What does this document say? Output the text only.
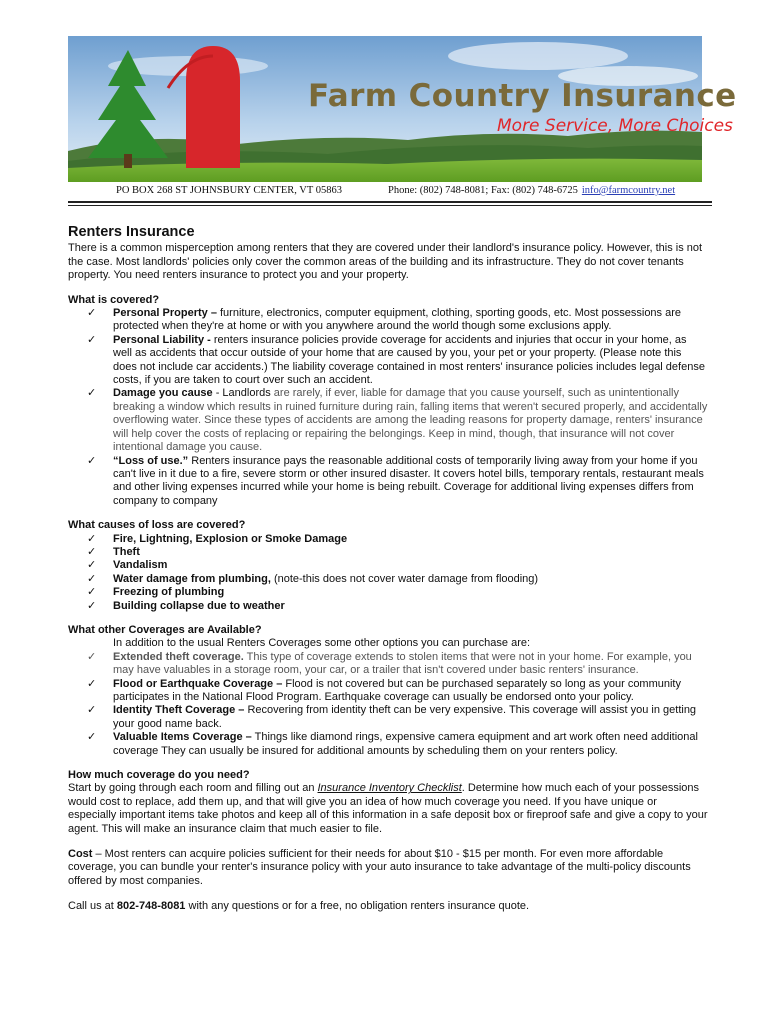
Farm Country Insurance
More Service, More Choices
PO BOX 268 ST JOHNSBURY CENTER, VT 05863	Phone: (802) 748-8081; Fax: (802) 748-6725 info@farmcountry.net
Renters Insurance

There is a common misperception among renters that they are covered under their landlord's insurance policy. However, this is not the case. Most landlords' policies only cover the common areas of the building and its infrastructure. They do not cover tenants property. You need renters insurance to protect you and your property.

What is covered?

✓ Personal Property – furniture, electronics, computer equipment, clothing, sporting goods, etc. Most possessions are protected when they're at home or with you anywhere around the world though some exclusions apply.
✓ Personal Liability - renters insurance policies provide coverage for accidents and injuries that occur in your home, as well as accidents that occur outside of your home that are caused by you, your pet or your property. (Please note this does not include car accidents.) The liability coverage contained in most renters' insurance policies includes legal defense costs, if you are taken to court over such an accident.
✓ Damage you cause - Landlords are rarely, if ever, liable for damage that you cause yourself, such as unintentionally breaking a window which results in ruined furniture during rain, falling items that weren't secured properly, and accidentally overflowing water. Since these types of accidents are among the leading reasons for property damage, renters' insurance will help cover the costs of replacing or repairing the belongings. Keep in mind, though, that insurance will not cover intentional damage you cause.
✓ “Loss of use.” Renters insurance pays the reasonable additional costs of temporarily living away from your home if you can't live in it due to a fire, severe storm or other insured disaster. It covers hotel bills, temporary rentals, restaurant meals and other living expenses incurred while your home is being rebuilt. Coverage for additional living expenses differs from company to company

What causes of loss are covered?

✓ Fire, Lightning, Explosion or Smoke Damage
✓ Theft
✓ Vandalism
✓ Water damage from plumbing, (note-this does not cover water damage from flooding)
✓ Freezing of plumbing
✓ Building collapse due to weather

What other Coverages are Available?

In addition to the usual Renters Coverages some other options you can purchase are:

✓ Extended theft coverage. This type of coverage extends to stolen items that were not in your home. For example, you may have valuables in a storage room, your car, or a trailer that isn't covered under basic renters' insurance.
✓ Flood or Earthquake Coverage – Flood is not covered but can be purchased separately so long as your community participates in the National Flood Program. Earthquake coverage can usually be endorsed onto your policy.
✓ Identity Theft Coverage – Recovering from identity theft can be very expensive. This coverage will assist you in getting your good name back.
✓ Valuable Items Coverage – Things like diamond rings, expensive camera equipment and art work often need additional coverage They can usually be insured for additional amounts by scheduling them on your renters policy.

How much coverage do you need?

Start by going through each room and filling out an Insurance Inventory Checklist. Determine how much each of your possessions would cost to replace, add them up, and that will give you an idea of how much coverage you need. If you have unique or especially important items take photos and keep all of this information in a safe deposit box or fireproof safe and give a copy to your agent. This will make an insurance claim that much easier to file.

Cost – Most renters can acquire policies sufficient for their needs for about $10 - $15 per month. For even more affordable coverage, you can bundle your renter's insurance policy with your auto insurance to take advantage of the multi-policy discounts offered by most companies.

Call us at 802-748-8081 with any questions or for a free, no obligation renters insurance quote.
